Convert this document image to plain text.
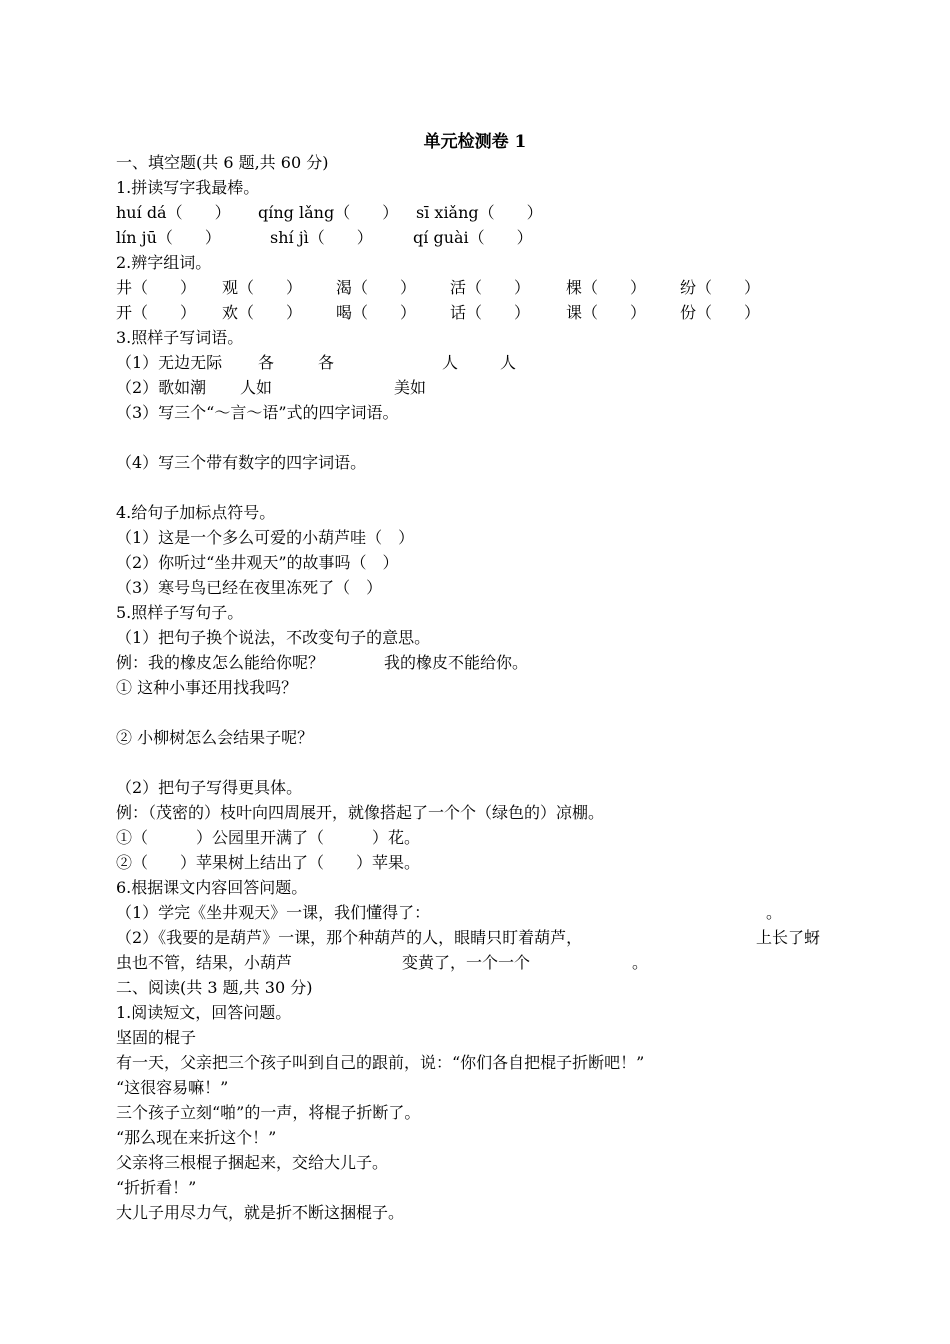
单元检测卷 1
一、填空题(共 6 题,共 60 分)
1.拼读写字我最棒。
huí dá（　　） qíng lǎng（　　） sī xiǎng（　　）
lín jū（　　）	shí jì（　　）	qí guài（　　）
2.辨字组词。
井（　　） 观（　　） 渴（　　） 活（　　） 棵（　　） 纷（　　）
开（　　） 欢（　　） 喝（　　） 话（　　） 课（　　） 份（　　）
3.照样子写词语。
（1）无边无际 各	各	人	人
（2）歌如潮 人如	美如
（3）写三个“～言～语”式的四字词语。
（4）写三个带有数字的四字词语。
4.给句子加标点符号。
（1）这是一个多么可爱的小葫芦哇（　）
（2）你听过“坐井观天”的故事吗（　）
（3）寒号鸟已经在夜里冻死了（　）
5.照样子写句子。
（1）把句子换个说法，不改变句子的意思。
例：我的橡皮怎么能给你呢？	我的橡皮不能给你。
① 这种小事还用找我吗？
② 小柳树怎么会结果子呢？
（2）把句子写得更具体。
例：（茂密的）枝叶向四周展开，就像搭起了一个个（绿色的）凉棚。
①（　　　）公园里开满了（　　　）花。
②（　　）苹果树上结出了（　　）苹果。
6.根据课文内容回答问题。
（1）学完《坐井观天》一课，我们懂得了：	。
（2）《我要的是葫芦》一课，那个种葫芦的人，眼睛只盯着葫芦，	上长了蚜
虫也不管，结果，小葫芦	变黄了，一个一个	。
二、阅读(共 3 题,共 30 分)
1.阅读短文，回答问题。
坚固的棍子
有一天，父亲把三个孩子叫到自己的跟前，说：“你们各自把棍子折断吧！”
“这很容易嘛！”
三个孩子立刻“啪”的一声，将棍子折断了。
“那么现在来折这个！”
父亲将三根棍子捆起来，交给大儿子。
“折折看！”
大儿子用尽力气，就是折不断这捆棍子。
